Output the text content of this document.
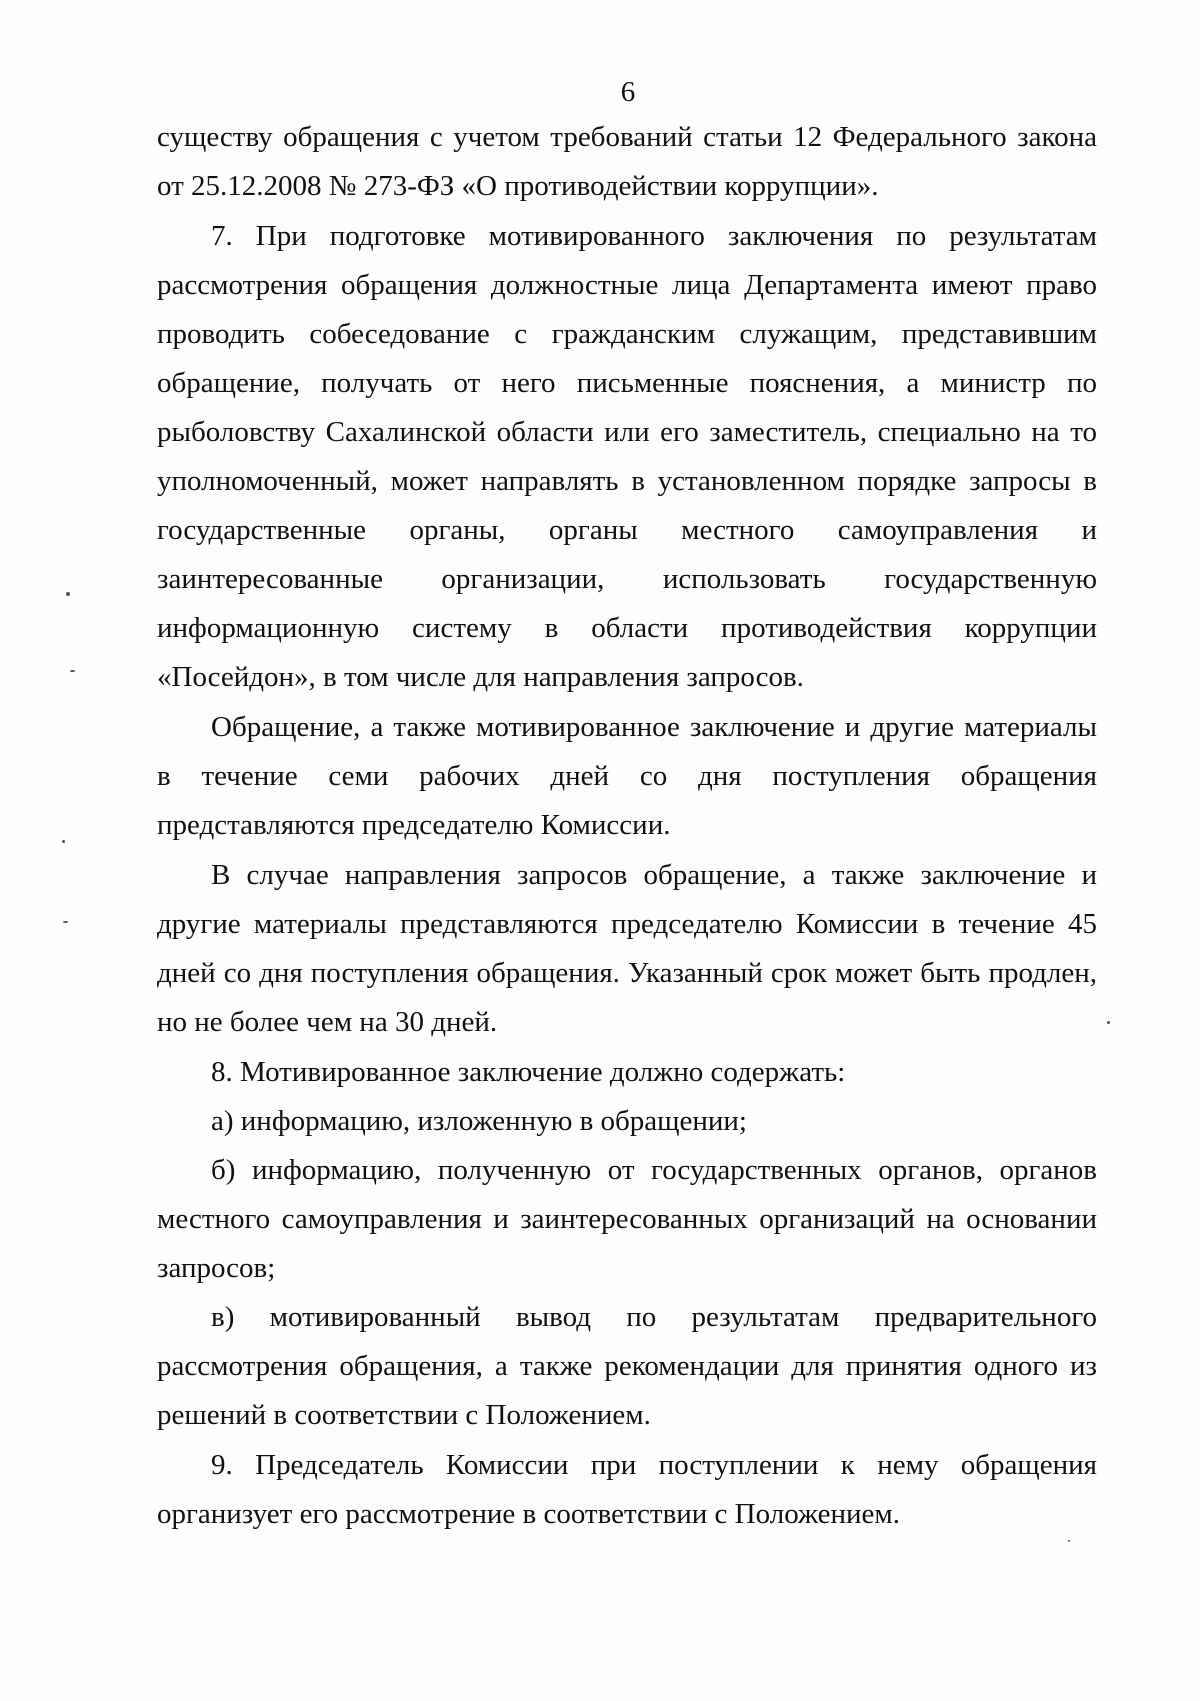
6

существу обращения с учетом требований статьи 12 Федерального закона от 25.12.2008 № 273-ФЗ «О противодействии коррупции».

7. При подготовке мотивированного заключения по результатам рассмотрения обращения должностные лица Департамента имеют право проводить собеседование с гражданским служащим, представившим обращение, получать от него письменные пояснения, а министр по рыболовству Сахалинской области или его заместитель, специально на то уполномоченный, может направлять в установленном порядке запросы в государственные органы, органы местного самоуправления и заинтересованные организации, использовать государственную информационную систему в области противодействия коррупции «Посейдон», в том числе для направления запросов.

Обращение, а также мотивированное заключение и другие материалы в течение семи рабочих дней со дня поступления обращения представляются председателю Комиссии.

В случае направления запросов обращение, а также заключение и другие материалы представляются председателю Комиссии в течение 45 дней со дня поступления обращения. Указанный срок может быть продлен, но не более чем на 30 дней.

8. Мотивированное заключение должно содержать:

а) информацию, изложенную в обращении;

б) информацию, полученную от государственных органов, органов местного самоуправления и заинтересованных организаций на основании запросов;

в) мотивированный вывод по результатам предварительного рассмотрения обращения, а также рекомендации для принятия одного из решений в соответствии с Положением.

9. Председатель Комиссии при поступлении к нему обращения организует его рассмотрение в соответствии с Положением.
